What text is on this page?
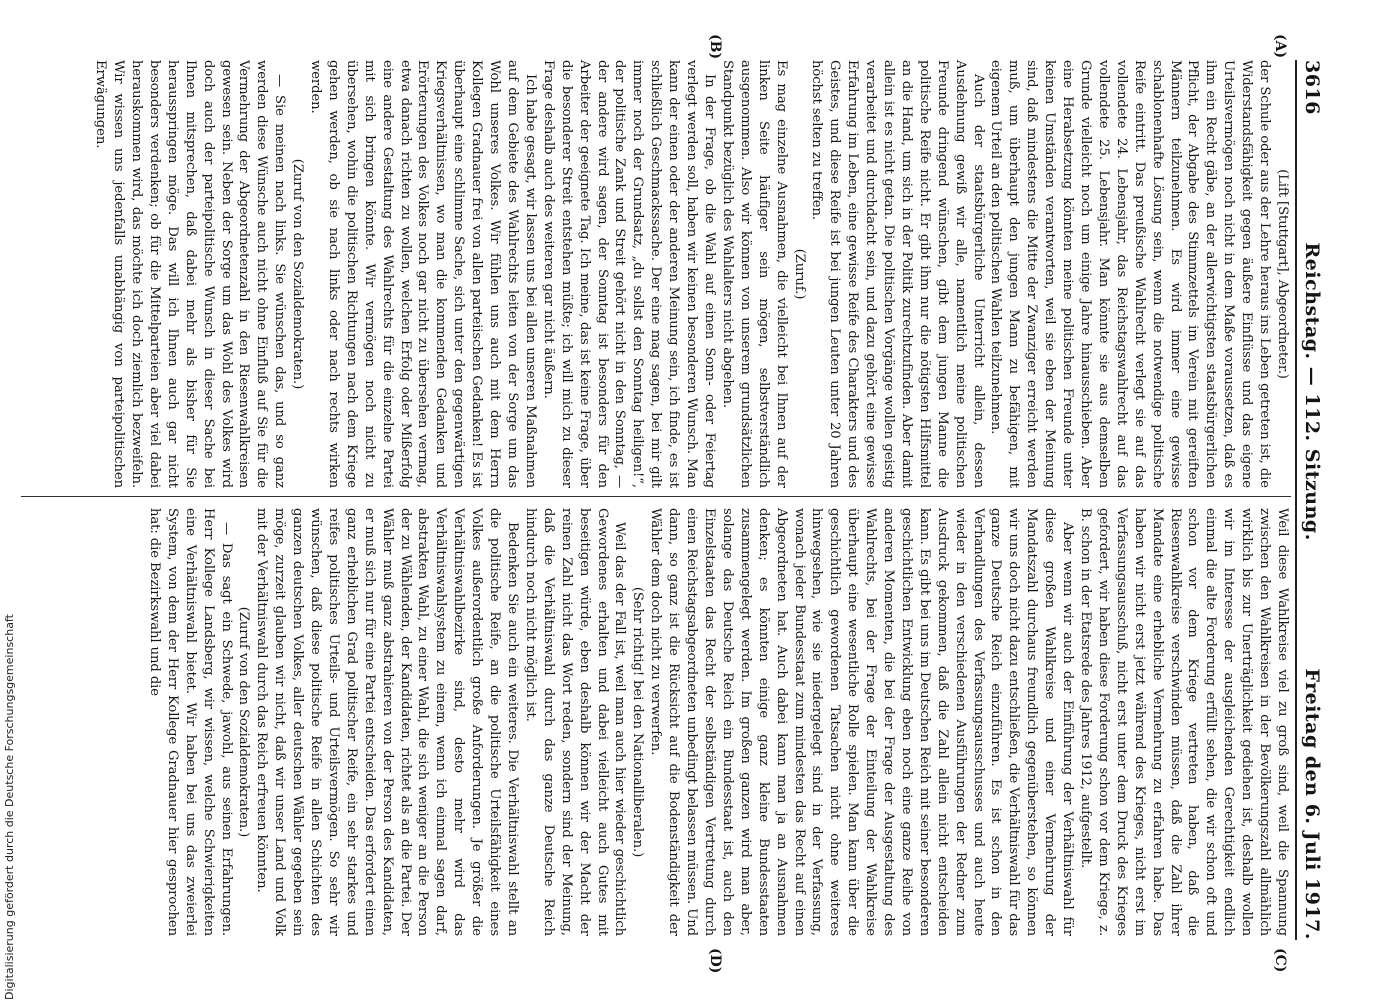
3616
Reichstag. — 112. Sitzung.
Freitag den 6. Juli 1917.
(A)
(B)
(C)
(D)

(Lift [Stuttgart], Abgeordneter.)

der Schule oder aus der Lehre heraus ins Leben getreten ist, die Widerstandsfähigkeit gegen äußere Einflüsse und das eigene Urteilsvermögen noch nicht in dem Maße voraussetzen, daß es ihm ein Recht gäbe, an der allerwichtigsten staatsbürgerlichen Pflicht, der Abgabe des Stimmzettels im Verein mit gereiften Männern teilzunehmen. Es wird immer eine gewisse schablonenhafte Lösung sein, wenn die notwendige politische Reife eintritt. Das preußische Wahlrecht verlegt sie auf das vollendete 24. Lebensjahr, das Reichstagswahlrecht auf das vollendete 25. Lebensjahr. Man könnte sie aus demselben Grunde vielleicht noch um einige Jahre hinausschieben. Aber eine Herabsetzung könnten meine politischen Freunde unter keinen Umständen verantworten, weil sie eben der Meinung sind, daß mindestens die Mitte der Zwanziger erreicht werden muß, um überhaupt den jungen Mann zu befähigen, mit eigenem Urteil an den politischen Wahlen teilzunehmen.

Auch der staatsbürgerliche Unterricht allein, dessen Ausdehnung gewiß wir alle, namentlich meine politischen Freunde dringend wünschen, gibt dem jungen Manne die politische Reife nicht. Er gibt ihm nur die nötigsten Hilfsmittel an die Hand, um sich in der Politik zurechtzufinden. Aber damit allein ist es nicht getan. Die politischen Vorgänge wollen geistig verarbeitet und durchdacht sein, und dazu gehört eine gewisse Erfahrung im Leben, eine gewisse Reife des Charakters und des Geistes, und diese Reife ist bei jungen Leuten unter 20 Jahren höchst selten zu treffen.

(Zuruf.)

Es mag einzelne Ausnahmen, die vielleicht bei Ihnen auf der linken Seite häufiger sein mögen, selbstverständlich ausgenommen. Also wir können von unserem grundsätzlichen Standpunkt bezüglich des Wahlalters nicht abgehen.

In der Frage, ob die Wahl auf einen Sonn- oder Feiertag verlegt werden soll, haben wir keinen besonderen Wunsch. Man kann der einen oder der anderen Meinung sein, ich finde, es ist schließlich Geschmackssache. Der eine mag sagen, bei mir gilt immer noch der Grundsatz, „du sollst den Sonntag heiligen!“, der politische Zank und Streit gehört nicht in den Sonntag, — der andere wird sagen, der Sonntag ist besonders für den Arbeiter der geeignete Tag. Ich meine, das ist keine Frage, über die besonderer Streit entstehen müßte; ich will mich zu dieser Frage deshalb auch des weiteren gar nicht äußern.

Ich habe gesagt, wir lassen uns bei allen unseren Maßnahmen auf dem Gebiete des Wahlrechts leiten von der Sorge um das Wohl unseres Volkes. Wir fühlen uns auch mit dem Herrn Kollegen Gradnauer frei von allen parteiischen Gedanken! Es ist überhaupt eine schlimme Sache, sich unter den gegenwärtigen Kriegsverhältnissen, wo man die kommenden Gedanken und Erörterungen des Volkes noch gar nicht zu übersehen vermag, etwa danach richten zu wollen, welchen Erfolg oder Mißerfolg eine andere Gestaltung des Wahlrechts für die einzelne Partei mit sich bringen könnte. Wir vermögen noch nicht zu übersehen, wohin die politischen Richtungen nach dem Kriege gehen werden, ob sie nach links oder nach rechts wirken werden.

(Zuruf von den Sozialdemokraten.)

— Sie meinen nach links. Sie wünschen das, und so ganz werden diese Wünsche auch nicht ohne Einfluß auf Sie für die Vermehrung der Abgeordnetenzahl in den Riesenwahlkreisen gewesen sein. Neben der Sorge um das Wohl des Volkes wird doch auch der parteipolitische Wunsch in dieser Sache bei Ihnen mitsprechen, daß dabei mehr als bisher für Sie herausspringen möge. Das will ich Ihnen auch gar nicht besonders verdenken; ob für die Mittelparteien aber viel dabei herauskommen wird, das möchte ich doch ziemlich bezweifeln. Wir wissen uns jedenfalls unabhängig von parteipolitischen Erwägungen.

Weil diese Wahlkreise viel zu groß sind, weil die Spannung zwischen den Wahlkreisen in der Bevölkerungszahl allmählich wirklich bis zur Unerträglichkeit gediehen ist, deshalb wollen wir im Interesse der ausgleichenden Gerechtigkeit endlich einmal die alte Forderung erfüllt sehen, die wir schon oft und schon vor dem Kriege vertreten haben, daß die Riesenwahlkreise verschwinden müssen, daß die Zahl ihrer Mandate eine erhebliche Vermehrung zu erfahren habe. Das haben wir nicht erst jetzt während des Krieges, nicht erst im Verfassungsausschuß, nicht erst unter dem Druck des Krieges gefordert, wir haben diese Forderung schon vor dem Kriege, z. B. schon in der Etatsrede des Jahres 1912, aufgestellt.

Aber wenn wir auch der Einführung der Verhältniswahl für diese großen Wahlkreise und einer Vermehrung der Mandatszahl durchaus freundlich gegenüberstehen, so können wir uns doch nicht dazu entschließen, die Verhältniswahl für das ganze Deutsche Reich einzuführen. Es ist schon in den Verhandlungen des Verfassungsausschusses und auch heute wieder in den verschiedenen Ausführungen der Redner zum Ausdruck gekommen, daß die Zahl allein nicht entscheiden kann. Es gibt bei uns im Deutschen Reich mit seiner besonderen geschichtlichen Entwicklung eben noch eine ganze Reihe von anderen Momenten, die bei der Frage der Ausgestaltung des Wahlrechts, bei der Frage der Einteilung der Wahlkreise überhaupt eine wesentliche Rolle spielen. Man kann über die geschichtlich gewordenen Tatsachen nicht ohne weiteres hinwegsehen, wie sie niedergelegt sind in der Verfassung, wonach jeder Bundesstaat zum mindesten das Recht auf einen Abgeordneten hat. Auch dabei kann man ja an Ausnahmen denken; es könnten einige ganz kleine Bundesstaaten zusammengelegt werden. Im großen ganzen wird man aber, solange das Deutsche Reich ein Bundesstaat ist, auch den Einzelstaaten das Recht der selbständigen Vertretung durch einen Reichstagsabgeordneten unbedingt belassen müssen. Und dann, so ganz ist die Rücksicht auf die Bodenständigkeit der Wähler dem doch nicht zu verwerfen.

(Sehr richtig! bei den Nationalliberalen.)

Weil das der Fall ist, weil man auch hier wieder geschichtlich Gewordenes erhalten und dabei vielleicht auch Gutes mit beseitigen würde, eben deshalb können wir der Macht der reinen Zahl nicht das Wort reden, sondern sind der Meinung, daß die Verhältniswahl durch das ganze Deutsche Reich hindurch noch nicht möglich ist.

Bedenken Sie auch ein weiteres. Die Verhältniswahl stellt an die politische Reife, an die politische Urteilsfähigkeit eines Volkes außerordentlich große Anforderungen. Je größer die Verhältniswahlbezirke sind, desto mehr wird das Verhältniswahlsystem zu einem, wenn ich einmal sagen darf, abstrakten Wahl, zu einer Wahl, die sich weniger an die Person der zu Wählenden, der Kandidaten, richtet als an die Partei. Der Wähler muß ganz abstrahieren von der Person des Kandidaten, er muß sich nur für eine Partei entscheiden. Das erfordert einen ganz erheblichen Grad politischer Reife, ein sehr starkes und reifes politisches Urteils- und Urteilsvermögen. So sehr wir wünschen, daß diese politische Reife in allen Schichten des ganzen deutschen Volkes, aller deutschen Wähler gegeben sein möge, zurzeit glauben wir nicht, daß wir unser Land und Volk mit der Verhältniswahl durch das Reich erfreuen könnten.

(Zuruf von den Sozialdemokraten.)

— Das sagt ein Schwede, jawohl, aus seinen Erfahrungen. Herr Kollege Landsberg, wir wissen, welche Schwierigkeiten eine Verhältniswahl bietet. Wir haben bei uns das zweierlei System, von dem der Herr Kollege Gradnauer hier gesprochen hat: die Bezirkswahl und die

Digitalisierung gefördert durch die Deutsche Forschungsgemeinschaft
